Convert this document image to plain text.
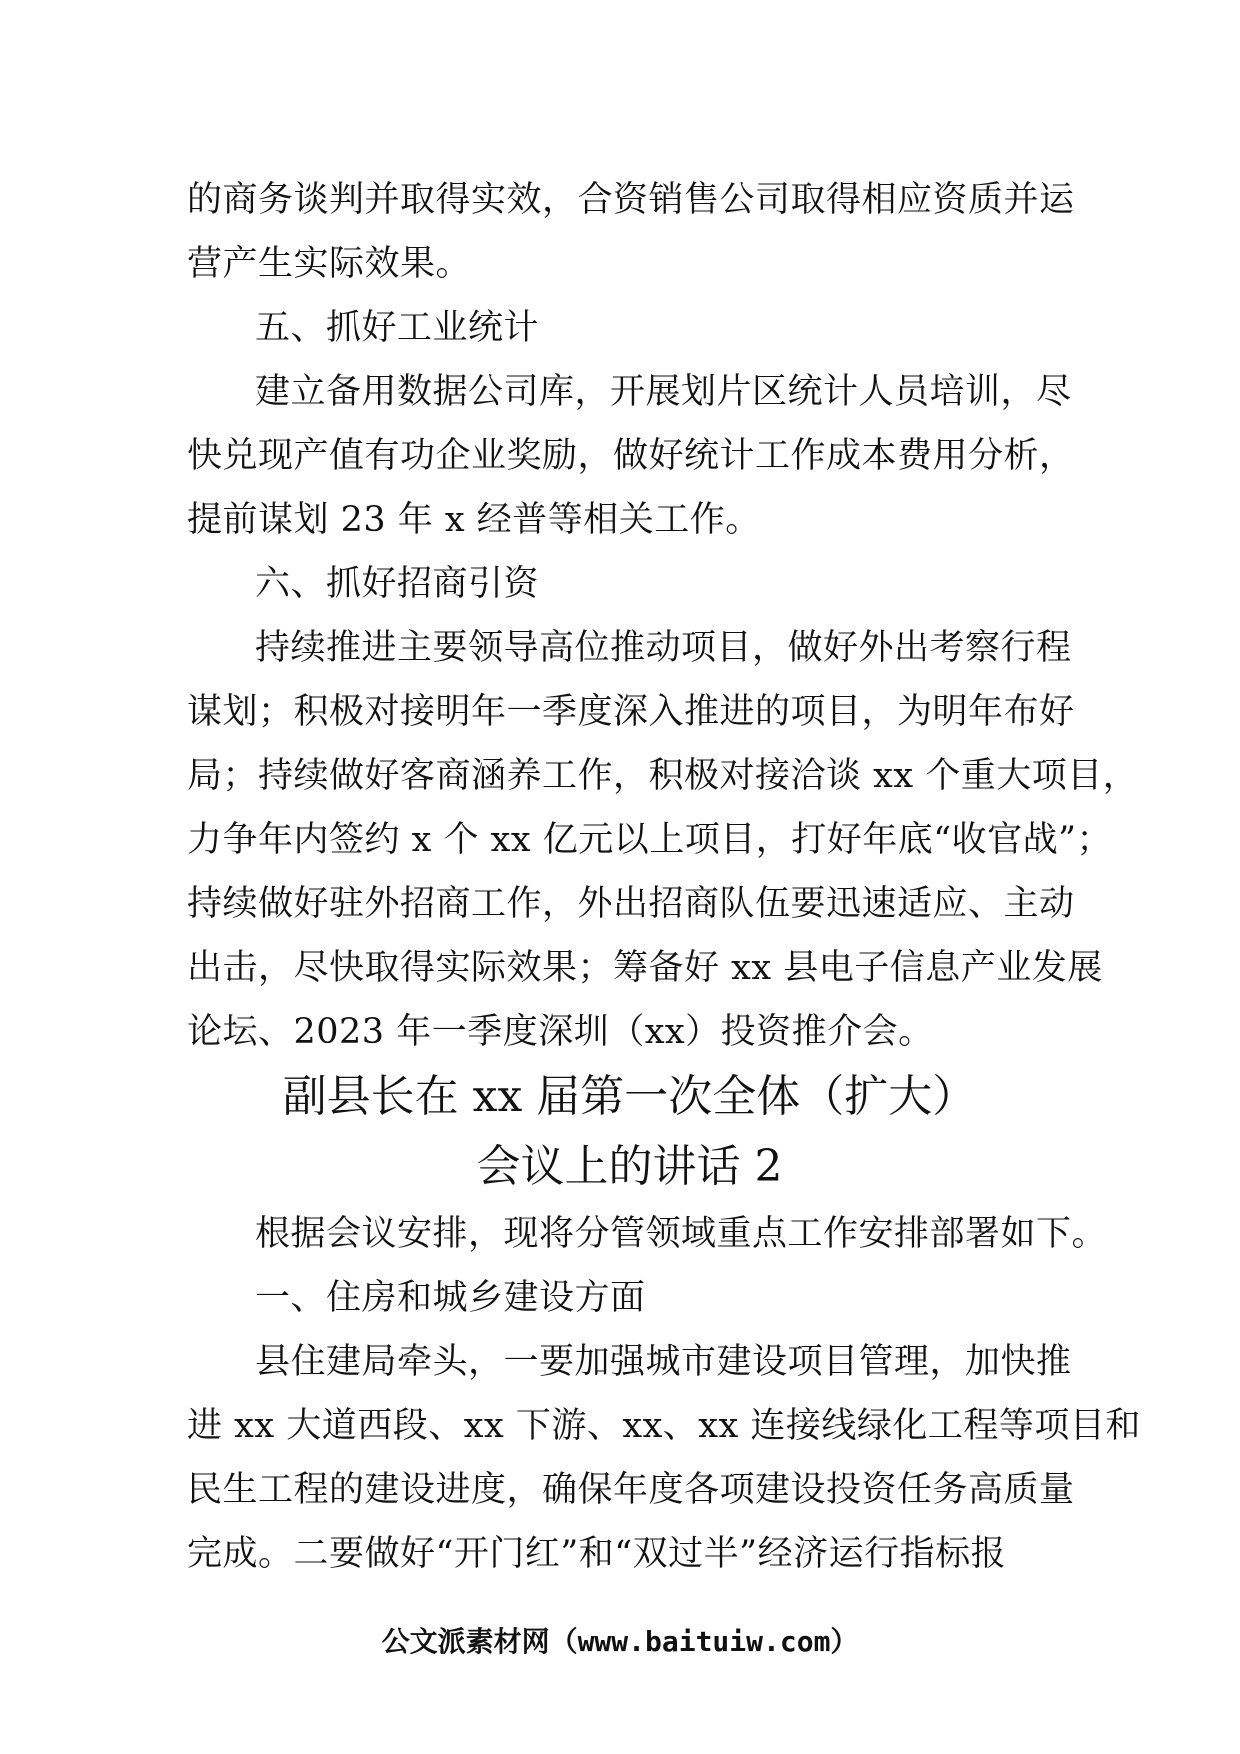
的商务谈判并取得实效，合资销售公司取得相应资质并运
营产生实际效果。
五、抓好工业统计
建立备用数据公司库，开展划片区统计人员培训，尽
快兑现产值有功企业奖励，做好统计工作成本费用分析，
提前谋划 23 年 x 经普等相关工作。
六、抓好招商引资
持续推进主要领导高位推动项目，做好外出考察行程
谋划；积极对接明年一季度深入推进的项目，为明年布好
局；持续做好客商涵养工作，积极对接洽谈 xx 个重大项目，
力争年内签约 x 个 xx 亿元以上项目，打好年底“收官战”；
持续做好驻外招商工作，外出招商队伍要迅速适应、主动
出击，尽快取得实际效果；筹备好 xx 县电子信息产业发展
论坛、2023 年一季度深圳（xx）投资推介会。
副县长在 xx 届第一次全体（扩大）
会议上的讲话 2
根据会议安排，现将分管领域重点工作安排部署如下。
一、住房和城乡建设方面
县住建局牵头，一要加强城市建设项目管理，加快推
进 xx 大道西段、xx 下游、xx、xx 连接线绿化工程等项目和
民生工程的建设进度，确保年度各项建设投资任务高质量
完成。二要做好“开门红”和“双过半”经济运行指标报
公文派素材网（www.baituiw.com）
